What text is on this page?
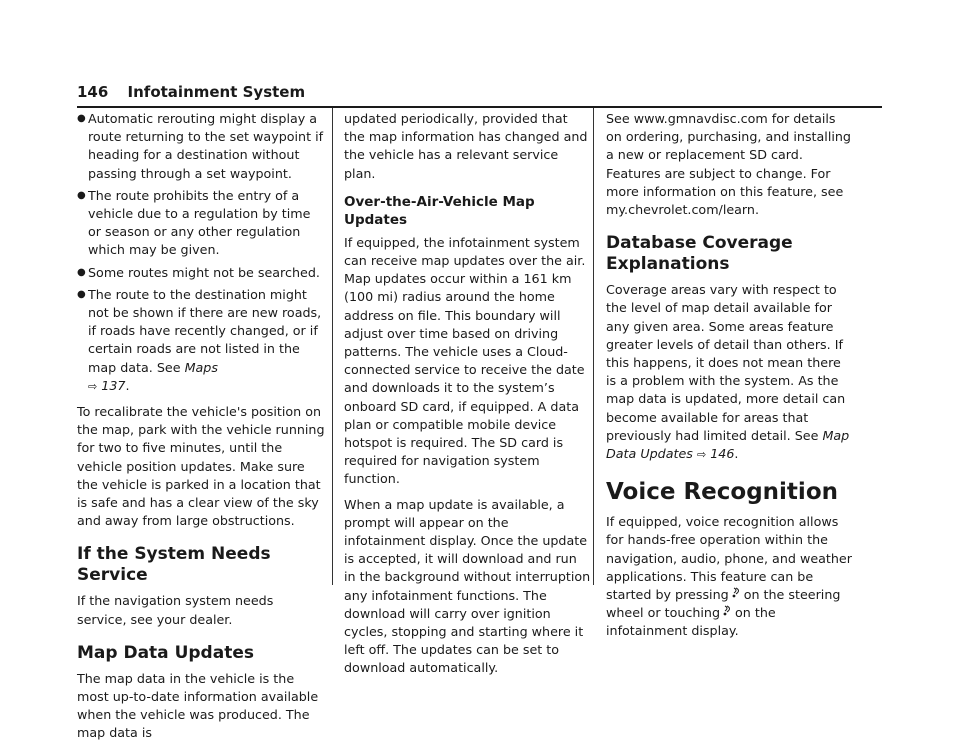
146 Infotainment System
● Automatic rerouting might display a route returning to the set waypoint if heading for a destination without passing through a set waypoint.
● The route prohibits the entry of a vehicle due to a regulation by time or season or any other regulation which may be given.
● Some routes might not be searched.
● The route to the destination might not be shown if there are new roads, if roads have recently changed, or if certain roads are not listed in the map data. See Maps
⇨ 137.

To recalibrate the vehicle's position on the map, park with the vehicle running for two to five minutes, until the vehicle position updates. Make sure the vehicle is parked in a location that is safe and has a clear view of the sky and away from large obstructions.

If the System Needs Service

If the navigation system needs service, see your dealer.

Map Data Updates

The map data in the vehicle is the most up-to-date information available when the vehicle was produced. The map data is

updated periodically, provided that the map information has changed and the vehicle has a relevant service plan.

Over-the-Air-Vehicle Map Updates

If equipped, the infotainment system can receive map updates over the air. Map updates occur within a 161 km (100 mi) radius around the home address on file. This boundary will adjust over time based on driving patterns. The vehicle uses a Cloud-connected service to receive the date and downloads it to the system’s onboard SD card, if equipped. A data plan or compatible mobile device hotspot is required. The SD card is required for navigation system function.

When a map update is available, a prompt will appear on the infotainment display. Once the update is accepted, it will download and run in the background without interruption any infotainment functions. The download will carry over ignition cycles, stopping and starting where it left off. The updates can be set to download automatically.

See www.gmnavdisc.com for details on ordering, purchasing, and installing a new or replacement SD card. Features are subject to change. For more information on this feature, see my.chevrolet.com/learn.

Database Coverage Explanations

Coverage areas vary with respect to the level of map detail available for any given area. Some areas feature greater levels of detail than others. If this happens, it does not mean there is a problem with the system. As the map data is updated, more detail can become available for areas that previously had limited detail. See Map Data Updates ⇨ 146.

Voice Recognition

If equipped, voice recognition allows for hands-free operation within the navigation, audio, phone, and weather applications. This feature can be started by pressing on the steering wheel or touching on the infotainment display.
